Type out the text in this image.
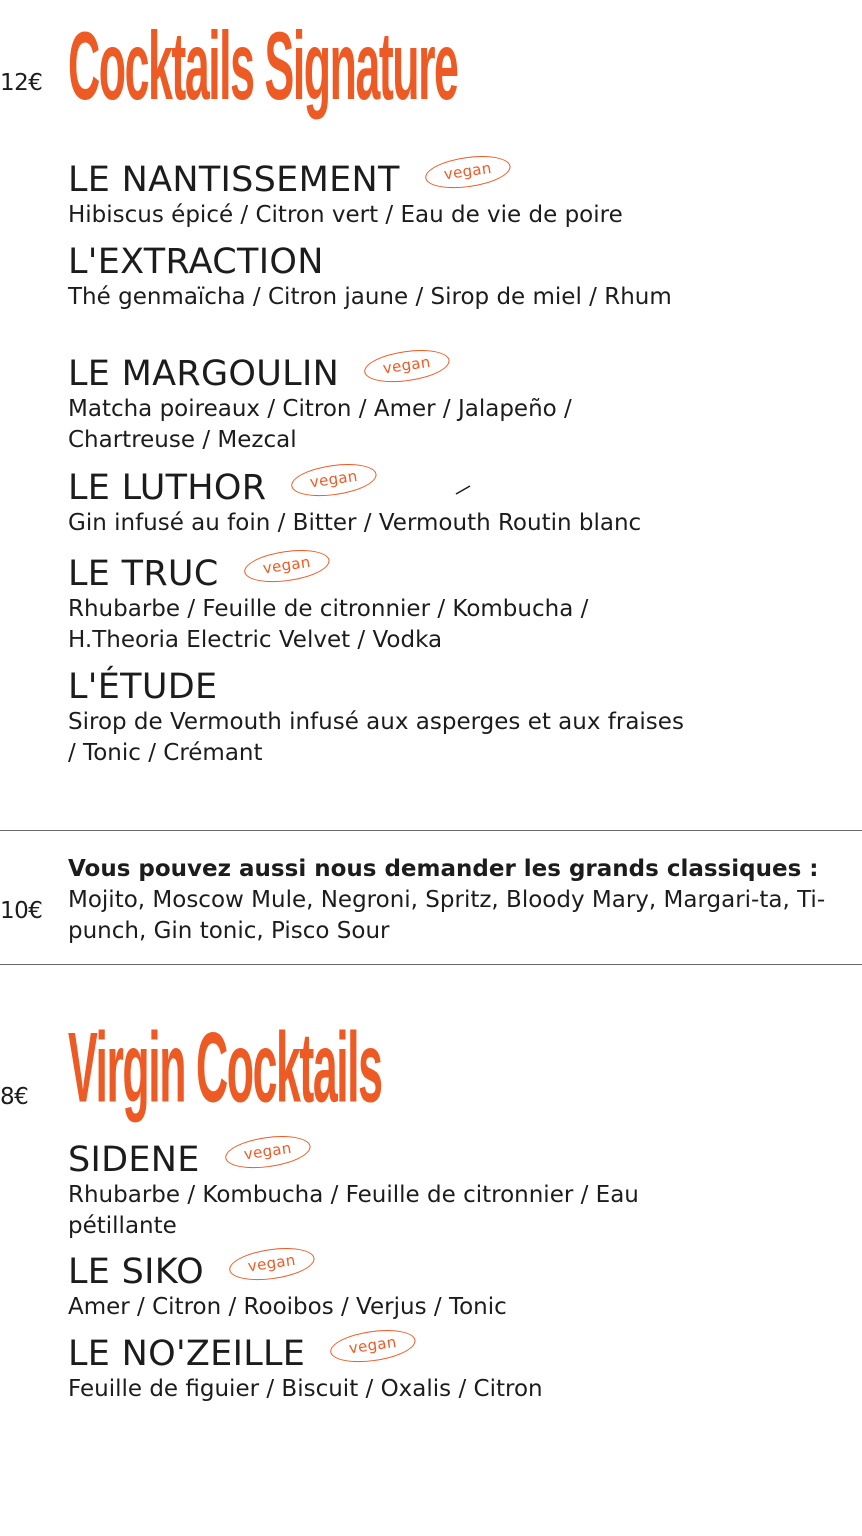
12€ Cocktails Signature
LE NANTISSEMENT	vegan
Hibiscus épicé / Citron vert / Eau de vie de poire
L'EXTRACTION
Thé genmaïcha / Citron jaune / Sirop de miel / Rhum
LE MARGOULIN	vegan
Matcha poireaux / Citron / Amer / Jalapeño / Chartreuse / Mezcal
LE LUTHOR	vegan
Gin infusé au foin / Bitter / Vermouth Routin blanc
LE TRUC	vegan
Rhubarbe / Feuille de citronnier / Kombucha / H.Theoria Electric Velvet / Vodka
L'ÉTUDE
Sirop de Vermouth infusé aux asperges et aux fraises / Tonic / Crémant
10€
Vous pouvez aussi nous demander les grands classiques :
Mojito, Moscow Mule, Negroni, Spritz, Bloody Mary, Margari-ta, Ti-punch, Gin tonic, Pisco Sour
8€ Virgin Cocktails
SIDENE	vegan
Rhubarbe / Kombucha / Feuille de citronnier / Eau pétillante
LE SIKO	vegan
Amer / Citron / Rooibos / Verjus / Tonic
LE NO'ZEILLE	vegan
Feuille de figuier / Biscuit / Oxalis / Citron
